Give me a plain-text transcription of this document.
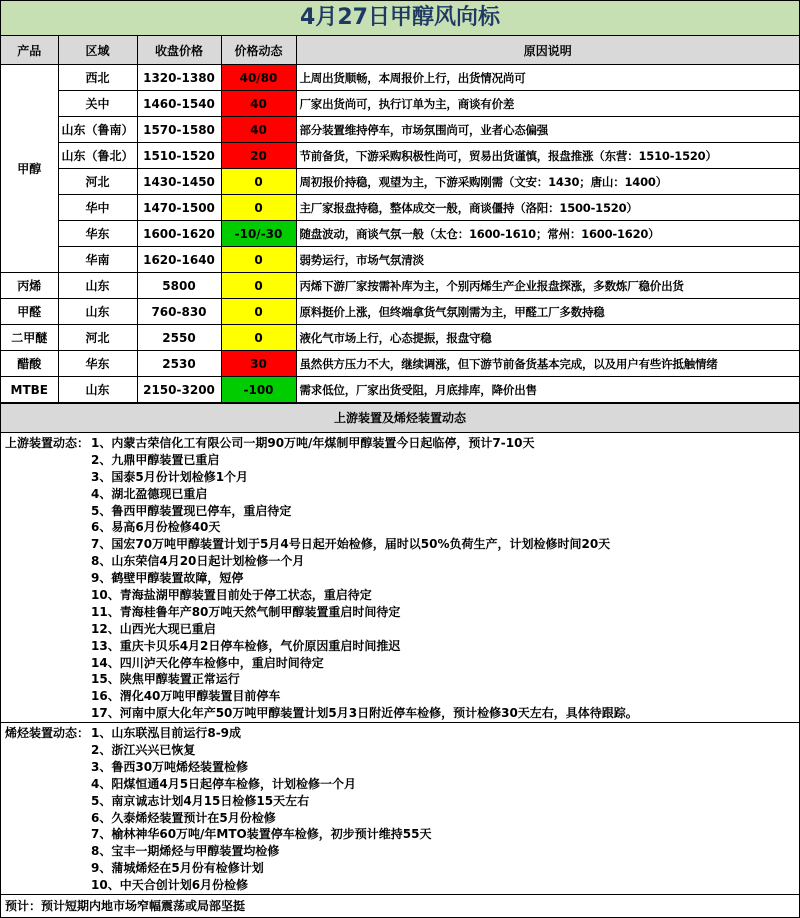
4月27日甲醇风向标
产品	区域	收盘价格	价格动态	原因说明
甲醇	西北	1320-1380	40/80	上周出货顺畅，本周报价上行，出货情况尚可
	关中	1460-1540	40	厂家出货尚可，执行订单为主，商谈有价差
	山东（鲁南）	1570-1580	40	部分装置维持停车，市场氛围尚可，业者心态偏强
	山东（鲁北）	1510-1520	20	节前备货，下游采购积极性尚可，贸易出货谨慎，报盘推涨（东营：1510-1520）
	河北	1430-1450	0	周初报价持稳，观望为主，下游采购刚需（文安：1430；唐山：1400）
	华中	1470-1500	0	主厂家报盘持稳，整体成交一般，商谈僵持（洛阳：1500-1520）
	华东	1600-1620	-10/-30	随盘波动，商谈气氛一般（太仓：1600-1610；常州：1600-1620）
	华南	1620-1640	0	弱势运行，市场气氛清淡
丙烯	山东	5800	0	丙烯下游厂家按需补库为主，个别丙烯生产企业报盘探涨，多数炼厂稳价出货
甲醛	山东	760-830	0	原料挺价上涨，但终端拿货气氛刚需为主，甲醛工厂多数持稳
二甲醚	河北	2550	0	液化气市场上行，心态提振，报盘守稳
醋酸	华东	2530	30	虽然供方压力不大，继续调涨，但下游节前备货基本完成，以及用户有些许抵触情绪
MTBE	山东	2150-3200	-100	需求低位，厂家出货受阻，月底排库，降价出售
上游装置及烯烃装置动态
上游装置动态： 1、内蒙古荣信化工有限公司一期90万吨/年煤制甲醇装置今日起临停，预计7-10天
2、九鼎甲醇装置已重启
3、国泰5月份计划检修1个月
4、湖北盈德现已重启
5、鲁西甲醇装置现已停车，重启待定
6、易高6月份检修40天
7、国宏70万吨甲醇装置计划于5月4号日起开始检修，届时以50%负荷生产，计划检修时间20天
8、山东荣信4月20日起计划检修一个月
9、鹤壁甲醇装置故障，短停
10、青海盐湖甲醇装置目前处于停工状态，重启待定
11、青海桂鲁年产80万吨天然气制甲醇装置重启时间待定
12、山西光大现已重启
13、重庆卡贝乐4月2日停车检修，气价原因重启时间推迟
14、四川泸天化停车检修中，重启时间待定
15、陕焦甲醇装置正常运行
16、渭化40万吨甲醇装置目前停车
17、河南中原大化年产50万吨甲醇装置计划5月3日附近停车检修，预计检修30天左右，具体待跟踪。
烯烃装置动态： 1、山东联泓目前运行8-9成
2、浙江兴兴已恢复
3、鲁西30万吨烯烃装置检修
4、阳煤恒通4月5日起停车检修，计划检修一个月
5、南京诚志计划4月15日检修15天左右
6、久泰烯烃装置预计在5月份检修
7、榆林神华60万吨/年MTO装置停车检修，初步预计维持55天
8、宝丰一期烯烃与甲醇装置均检修
9、蒲城烯烃在5月份有检修计划
10、中天合创计划6月份检修
预计：预计短期内地市场窄幅震荡或局部坚挺
